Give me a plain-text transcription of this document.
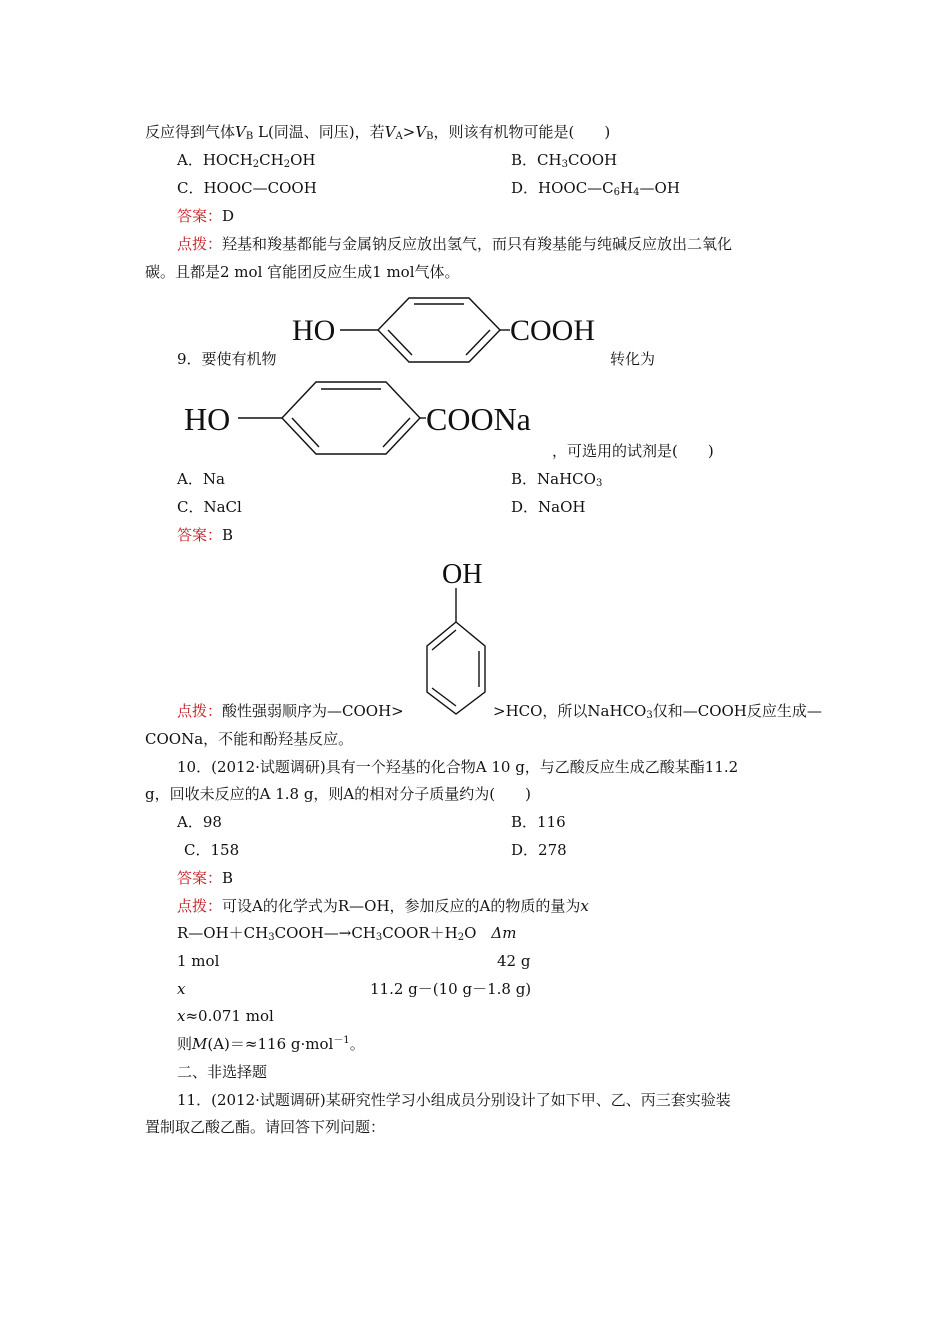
反应得到气体$V_B$ L(同温、同压)，若$V_A>V_B$，则该有机物可能是(　　)
A．$HOCH_2CH_2OH$	B．$CH_3COOH$
C．HOOC—COOH	D．$HOOC—C_6H_4—OH$
答案：D
点拨：羟基和羧基都能与金属钠反应放出氢气，而只有羧基能与纯碱反应放出二氧化
碳。且都是2 mol 官能团反应生成1 mol气体。
HO	COOH
9．要使有机物	转化为
HO	COONa
，可选用的试剂是(　　)
A．Na	B．NaHCO$_3$
C．NaCl	D．NaOH
答案：B
OH
点拨：酸性强弱顺序为—COOH>	>HCO，所以NaHCO$_3$仅和—COOH反应生成—
COONa，不能和酚羟基反应。
10．(2012·试题调研)具有一个羟基的化合物A 10 g，与乙酸反应生成乙酸某酯11.2
g，回收未反应的A 1.8 g，则A的相对分子质量约为(　　)
A．98	B．116
C．158	D．278
答案：B
点拨：可设A的化学式为R—OH，参加反应的A的物质的量为x
$R—OH+CH_3COOH—\to CH_3COOR+H_2O$　Δm
1 mol	42 g
x	11.2 g－(10 g－1.8 g)
x≈0.071 mol
则M(A)＝≈116 g·mol$^{-1}$。
二、非选择题
11．(2012·试题调研)某研究性学习小组成员分别设计了如下甲、乙、丙三套实验装
置制取乙酸乙酯。请回答下列问题：
